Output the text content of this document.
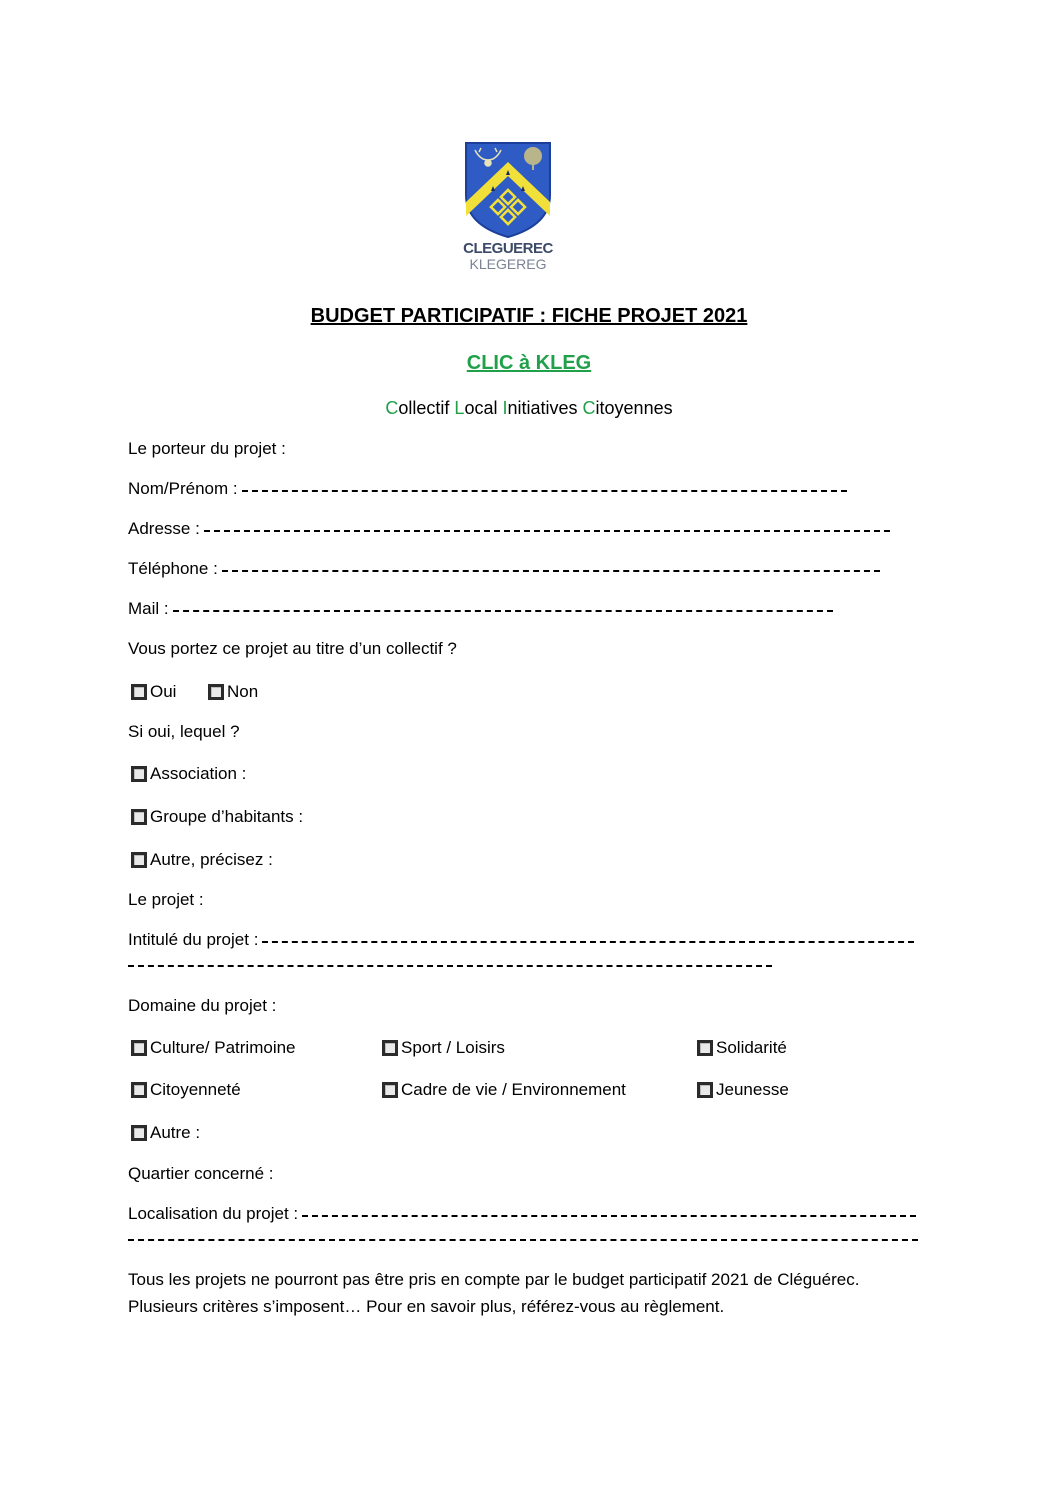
CLEGUEREC
KLEGEREG
BUDGET PARTICIPATIF : FICHE PROJET 2021
CLIC à KLEG
Collectif Local Initiatives Citoyennes
Le porteur du projet :
Nom/Prénom :
Adresse :
Téléphone :
Mail :
Vous portez ce projet au titre d’un collectif ?
Oui	Non
Si oui, lequel ?
Association :
Groupe d’habitants :
Autre, précisez :
Le projet :
Intitulé du projet :
Domaine du projet :
Culture/ Patrimoine	Sport / Loisirs	Solidarité
Citoyenneté	Cadre de vie / Environnement	Jeunesse
Autre :
Quartier concerné :
Localisation du projet :
Tous les projets ne pourront pas être pris en compte par le budget participatif 2021 de Cléguérec.
Plusieurs critères s’imposent… Pour en savoir plus, référez-vous au règlement.
